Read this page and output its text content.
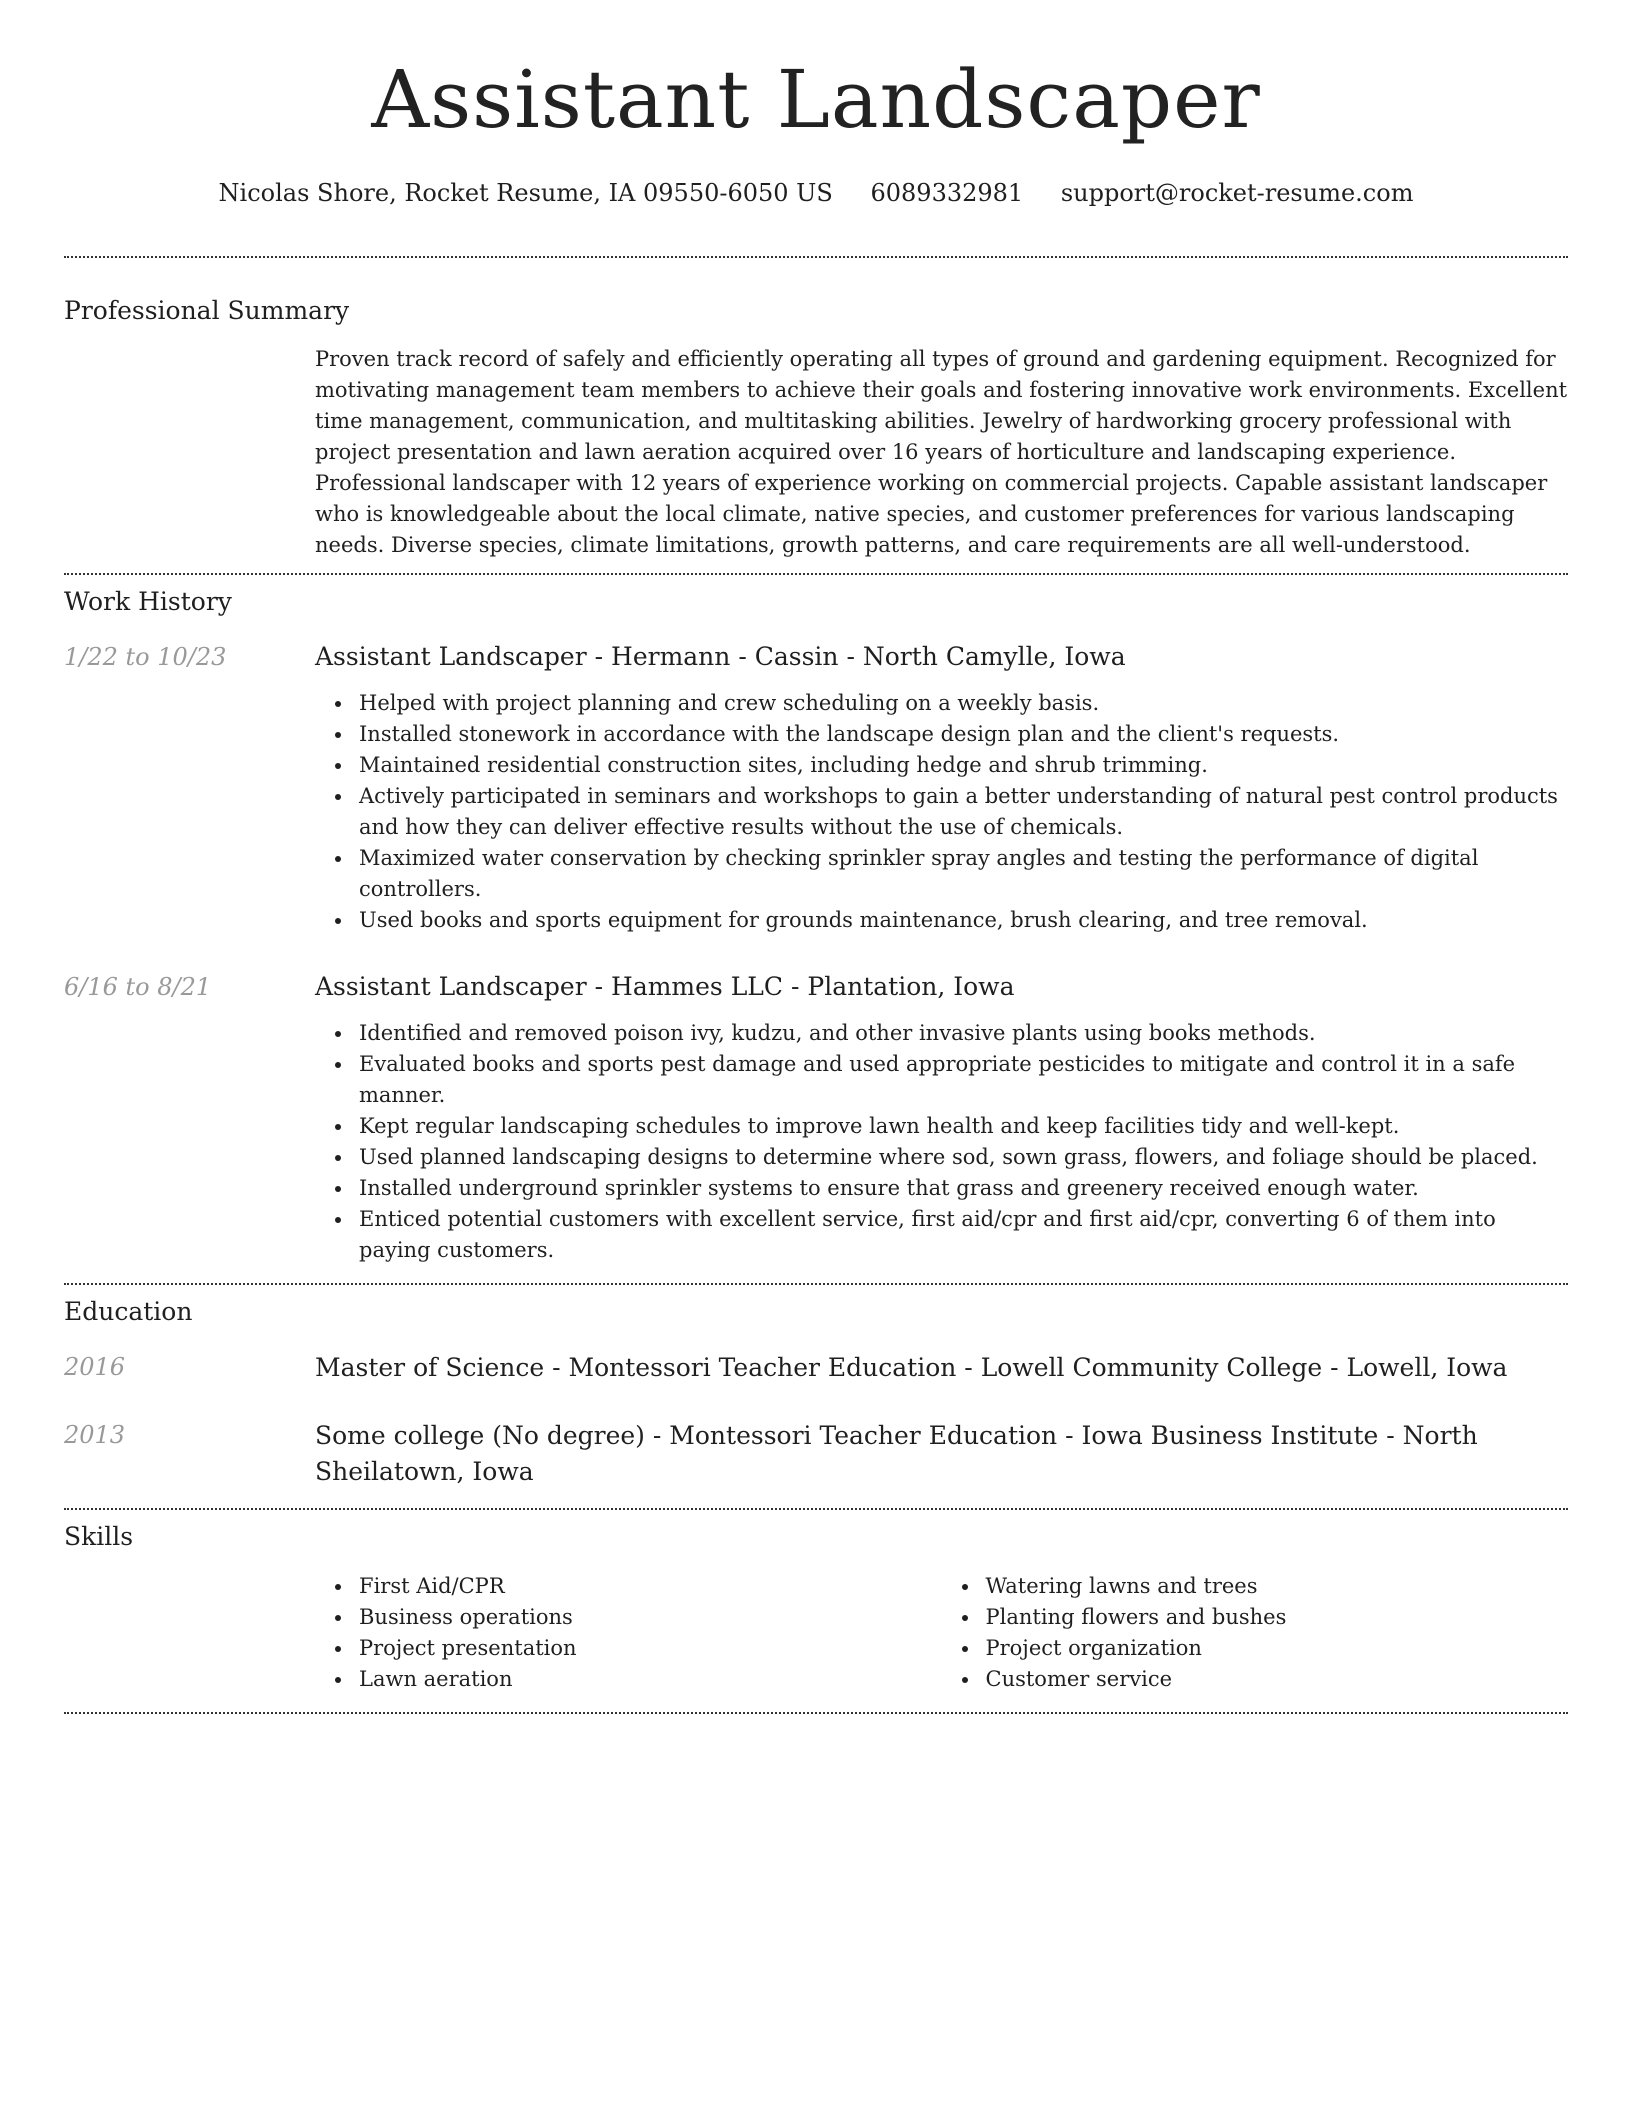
Assistant Landscaper
Nicolas Shore, Rocket Resume, IA 09550-6050 US 6089332981 support@rocket-resume.com
Professional Summary

Proven track record of safely and efficiently operating all types of ground and gardening equipment. Recognized for motivating management team members to achieve their goals and fostering innovative work environments. Excellent time management, communication, and multitasking abilities. Jewelry of hardworking grocery professional with project presentation and lawn aeration acquired over 16 years of horticulture and landscaping experience. Professional landscaper with 12 years of experience working on commercial projects. Capable assistant landscaper who is knowledgeable about the local climate, native species, and customer preferences for various landscaping needs. Diverse species, climate limitations, growth patterns, and care requirements are all well-understood.

Work History
1/22 to 10/23	Assistant Landscaper - Hermann - Cassin - North Camylle, Iowa

Helped with project planning and crew scheduling on a weekly basis.
Installed stonework in accordance with the landscape design plan and the client's requests.
Maintained residential construction sites, including hedge and shrub trimming.
Actively participated in seminars and workshops to gain a better understanding of natural pest control products and how they can deliver effective results without the use of chemicals.
Maximized water conservation by checking sprinkler spray angles and testing the performance of digital controllers.
Used books and sports equipment for grounds maintenance, brush clearing, and tree removal.
6/16 to 8/21	Assistant Landscaper - Hammes LLC - Plantation, Iowa

Identified and removed poison ivy, kudzu, and other invasive plants using books methods.
Evaluated books and sports pest damage and used appropriate pesticides to mitigate and control it in a safe manner.
Kept regular landscaping schedules to improve lawn health and keep facilities tidy and well-kept.
Used planned landscaping designs to determine where sod, sown grass, flowers, and foliage should be placed.
Installed underground sprinkler systems to ensure that grass and greenery received enough water.
Enticed potential customers with excellent service, first aid/cpr and first aid/cpr, converting 6 of them into paying customers.
Education
2016	Master of Science - Montessori Teacher Education - Lowell Community College - Lowell, Iowa

2013	Some college (No degree) - Montessori Teacher Education - Iowa Business Institute - North Sheilatown, Iowa

Skills
First Aid/CPR
Business operations
Project presentation
Lawn aeration
Watering lawns and trees
Planting flowers and bushes
Project organization
Customer service
